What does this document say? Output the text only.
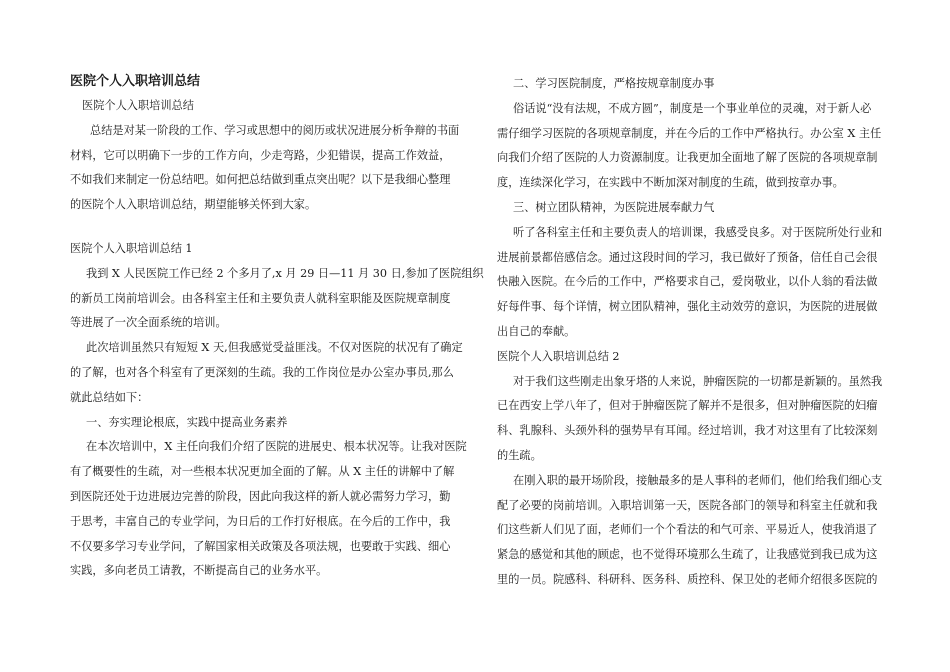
医院个人入职培训总结

医院个人入职培训总结

总结是对某一阶段的工作、学习或思想中的阅历或状况进展分析争辩的书面

材料，它可以明确下一步的工作方向，少走弯路，少犯错误，提高工作效益，

不如我们来制定一份总结吧。如何把总结做到重点突出呢？以下是我细心整理

的医院个人入职培训总结，期望能够关怀到大家。

医院个人入职培训总结 1

我到 X 人民医院工作已经 2 个多月了,x 月 29 日—11 月 30 日,参加了医院组织

的新员工岗前培训会。由各科室主任和主要负责人就科室职能及医院规章制度

等进展了一次全面系统的培训。

此次培训虽然只有短短 X 天,但我感觉受益匪浅。不仅对医院的状况有了确定

的了解，也对各个科室有了更深刻的生疏。我的工作岗位是办公室办事员,那么

就此总结如下：

一、夯实理论根底，实践中提高业务素养

在本次培训中，X 主任向我们介绍了医院的进展史、根本状况等。让我对医院

有了概要性的生疏，对一些根本状况更加全面的了解。从 X 主任的讲解中了解

到医院还处于边进展边完善的阶段，因此向我这样的新人就必需努力学习，勤

于思考，丰富自己的专业学问，为日后的工作打好根底。在今后的工作中，我

不仅要多学习专业学问，了解国家相关政策及各项法规，也要敢于实践、细心

实践，多向老员工请教，不断提高自己的业务水平。

二、学习医院制度，严格按规章制度办事

俗话说“没有法规，不成方圆”，制度是一个事业单位的灵魂，对于新人必

需仔细学习医院的各项规章制度，并在今后的工作中严格执行。办公室 X 主任

向我们介绍了医院的人力资源制度。让我更加全面地了解了医院的各项规章制

度，连续深化学习，在实践中不断加深对制度的生疏，做到按章办事。

三、树立团队精神，为医院进展奉献力气

听了各科室主任和主要负责人的培训课，我感受良多。对于医院所处行业和

进展前景都倍感信念。通过这段时间的学习，我已做好了预备，信任自己会很

快融入医院。在今后的工作中，严格要求自己，爱岗敬业，以仆人翁的看法做

好每件事、每个详情，树立团队精神，强化主动效劳的意识，为医院的进展做

出自己的奉献。

医院个人入职培训总结 2

对于我们这些刚走出象牙塔的人来说，肿瘤医院的一切都是新颖的。虽然我

已在西安上学八年了，但对于肿瘤医院了解并不是很多，但对肿瘤医院的妇瘤

科、乳腺科、头颈外科的强势早有耳闻。经过培训，我才对这里有了比较深刻

的生疏。

在刚入职的最开场阶段，接触最多的是人事科的老师们，他们给我们细心支

配了必要的岗前培训。入职培训第一天，医院各部门的领导和科室主任就和我

们这些新人们见了面，老师们一个个看法的和气可亲、平易近人，使我消退了

紧急的感觉和其他的顾虑，也不觉得环境那么生疏了，让我感觉到我已成为这

里的一员。院感科、科研科、医务科、质控科、保卫处的老师介绍很多医院的
